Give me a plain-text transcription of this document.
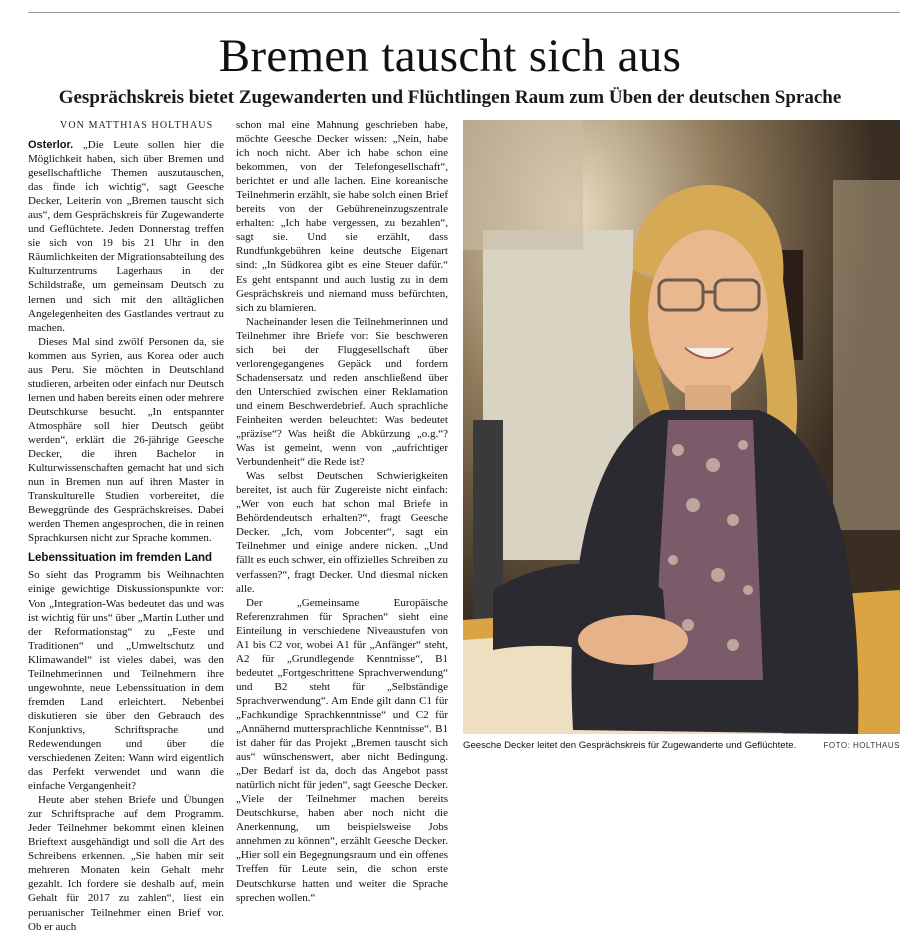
Bremen tauscht sich aus
Gesprächskreis bietet Zugewanderten und Flüchtlingen Raum zum Üben der deutschen Sprache
VON MATTHIAS HOLTHAUS

Osterlor. „Die Leute sollen hier die Möglichkeit haben, sich über Bremen und gesellschaftliche Themen auszutauschen, das finde ich wichtig“, sagt Geesche Decker, Leiterin von „Bremen tauscht sich aus“, dem Gesprächskreis für Zugewanderte und Geflüchtete. Jeden Donnerstag treffen sie sich von 19 bis 21 Uhr in den Räumlichkeiten der Migrationsabteilung des Kulturzentrums Lagerhaus in der Schildstraße, um gemeinsam Deutsch zu lernen und sich mit den alltäglichen Angelegenheiten des Gastlandes vertraut zu machen.

Dieses Mal sind zwölf Personen da, sie kommen aus Syrien, aus Korea oder auch aus Peru. Sie möchten in Deutschland studieren, arbeiten oder einfach nur Deutsch lernen und haben bereits einen oder mehrere Deutschkurse besucht. „In entspannter Atmosphäre soll hier Deutsch geübt werden“, erklärt die 26-jährige Geesche Decker, die ihren Bachelor in Kulturwissenschaften gemacht hat und sich nun in Bremen nun auf ihren Master in Transkulturelle Studien vorbereitet, die Beweggründe des Gesprächskreises. Dabei werden Themen angesprochen, die in reinen Sprachkursen nicht zur Sprache kommen.

Lebenssituation im fremden Land

So sieht das Programm bis Weihnachten einige gewichtige Diskussionspunkte vor: Von „Integration-Was bedeutet das und was ist wichtig für uns“ über „Martin Luther und der Reformationstag“ zu „Feste und Traditionen“ und „Umweltschutz und Klimawandel“ ist vieles dabei, was den Teilnehmerinnen und Teilnehmern ihre ungewohnte, neue Lebenssituation in dem fremden Land erleichtert. Nebenbei diskutieren sie über den Gebrauch des Konjunktivs, Schriftsprache und Redewendungen und über die verschiedenen Zeiten: Wann wird eigentlich das Perfekt verwendet und wann die einfache Vergangenheit?

Heute aber stehen Briefe und Übungen zur Schriftsprache auf dem Programm. Jeder Teilnehmer bekommt einen kleinen Brieftext ausgehändigt und soll die Art des Schreibens erkennen. „Sie haben mir seit mehreren Monaten kein Gehalt mehr gezahlt. Ich fordere sie deshalb auf, mein Gehalt für 2017 zu zahlen“, liest ein peruanischer Teilnehmer einen Brief vor. Ob er auch

schon mal eine Mahnung geschrieben habe, möchte Geesche Decker wissen: „Nein, habe ich noch nicht. Aber ich habe schon eine bekommen, von der Telefongesellschaft“, berichtet er und alle lachen. Eine koreanische Teilnehmerin erzählt, sie habe solch einen Brief bereits von der Gebühreneinzugszentrale erhalten: „Ich habe vergessen, zu bezahlen“, sagt sie. Und sie erzählt, dass Rundfunkgebühren keine deutsche Eigenart sind: „In Südkorea gibt es eine Steuer dafür.“ Es geht entspannt und auch lustig zu in dem Gesprächskreis und niemand muss befürchten, sich zu blamieren.

Nacheinander lesen die Teilnehmerinnen und Teilnehmer ihre Briefe vor: Sie beschweren sich bei der Fluggesellschaft über verlorengegangenes Gepäck und fordern Schadensersatz und reden anschließend über den Unterschied zwischen einer Reklamation und einem Beschwerdebrief. Auch sprachliche Feinheiten werden beleuchtet: Was bedeutet „präzise“? Was heißt die Abkürzung „o.g.“? Was ist gemeint, wenn von „aufrichtiger Verbundenheit“ die Rede ist?

Was selbst Deutschen Schwierigkeiten bereitet, ist auch für Zugereiste nicht einfach: „Wer von euch hat schon mal Briefe in Behördendeutsch erhalten?“, fragt Geesche Decker. „Ich, vom Jobcenter“, sagt ein Teilnehmer und einige andere nicken. „Und fällt es euch schwer, ein offizielles Schreiben zu verfassen?“, fragt Decker. Und diesmal nicken alle.

Der „Gemeinsame Europäische Referenzrahmen für Sprachen“ sieht eine Einteilung in verschiedene Niveaustufen von A1 bis C2 vor, wobei A1 für „Anfänger“ steht, A2 für „Grundlegende Kenntnisse“, B1 bedeutet „Fortgeschrittene Sprachverwendung“ und B2 steht für „Selbständige Sprachverwendung“. Am Ende gilt dann C1 für „Fachkundige Sprachkenntnisse“ und C2 für „Annähernd muttersprachliche Kenntnisse“. B1 ist daher für das Projekt „Bremen tauscht sich aus“ wünschenswert, aber nicht Bedingung. „Der Bedarf ist da, doch das Angebot passt natürlich nicht für jeden“, sagt Geesche Decker. „Viele der Teilnehmer machen bereits Deutschkurse, haben aber noch nicht die Anerkennung, um beispielsweise Jobs annehmen zu können“, erzählt Geesche Decker. „Hier soll ein Begegnungsraum und ein offenes Treffen für Leute sein, die schon erste Deutschkurse hatten und weiter die Sprache sprechen wollen.“

Geesche Decker leitet den Gesprächskreis für Zugewanderte und Geflüchtete.	FOTO: HOLTHAUS
